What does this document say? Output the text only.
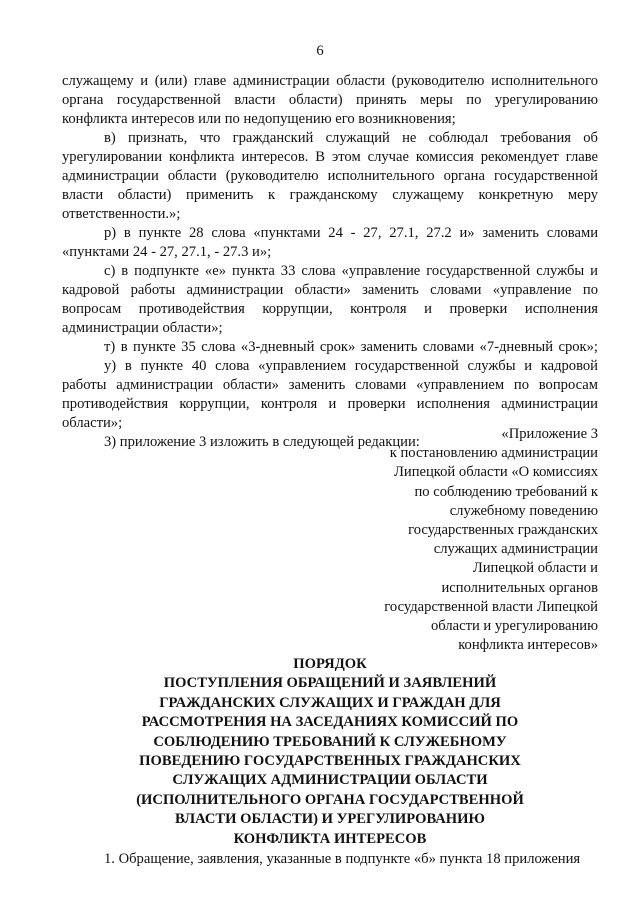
6

служащему и (или) главе администрации области (руководителю исполнительного органа государственной власти области) принять меры по урегулированию конфликта интересов или по недопущению его возникновения;

в) признать, что гражданский служащий не соблюдал требования об урегулировании конфликта интересов. В этом случае комиссия рекомендует главе администрации области (руководителю исполнительного органа государственной власти области) применить к гражданскому служащему конкретную меру ответственности.»;

р) в пункте 28 слова «пунктами 24 - 27, 27.1, 27.2 и» заменить словами «пунктами 24 - 27, 27.1, - 27.3 и»;

с) в подпункте «е» пункта 33 слова «управление государственной службы и кадровой работы администрации области» заменить словами «управление по вопросам противодействия коррупции, контроля и проверки исполнения администрации области»;

т) в пункте 35 слова «3-дневный срок» заменить словами «7-дневный срок»;

у) в пункте 40 слова «управлением государственной службы и кадровой работы администрации области» заменить словами «управлением по вопросам противодействия коррупции, контроля и проверки исполнения администрации области»;

3) приложение 3 изложить в следующей редакции:	«Приложение 3
к постановлению администрации
Липецкой области «О комиссиях
по соблюдению требований к
служебному поведению
государственных гражданских
служащих администрации
Липецкой области и
исполнительных органов
государственной власти Липецкой
области и урегулированию
конфликта интересов»
ПОРЯДОК
ПОСТУПЛЕНИЯ ОБРАЩЕНИЙ И ЗАЯВЛЕНИЙ
ГРАЖДАНСКИХ СЛУЖАЩИХ И ГРАЖДАН ДЛЯ
РАССМОТРЕНИЯ НА ЗАСЕДАНИЯХ КОМИССИЙ ПО
СОБЛЮДЕНИЮ ТРЕБОВАНИЙ К СЛУЖЕБНОМУ
ПОВЕДЕНИЮ ГОСУДАРСТВЕННЫХ ГРАЖДАНСКИХ
СЛУЖАЩИХ АДМИНИСТРАЦИИ ОБЛАСТИ
(ИСПОЛНИТЕЛЬНОГО ОРГАНА ГОСУДАРСТВЕННОЙ
ВЛАСТИ ОБЛАСТИ) И УРЕГУЛИРОВАНИЮ
КОНФЛИКТА ИНТЕРЕСОВ
1. Обращение, заявления, указанные в подпункте «б» пункта 18 приложения
